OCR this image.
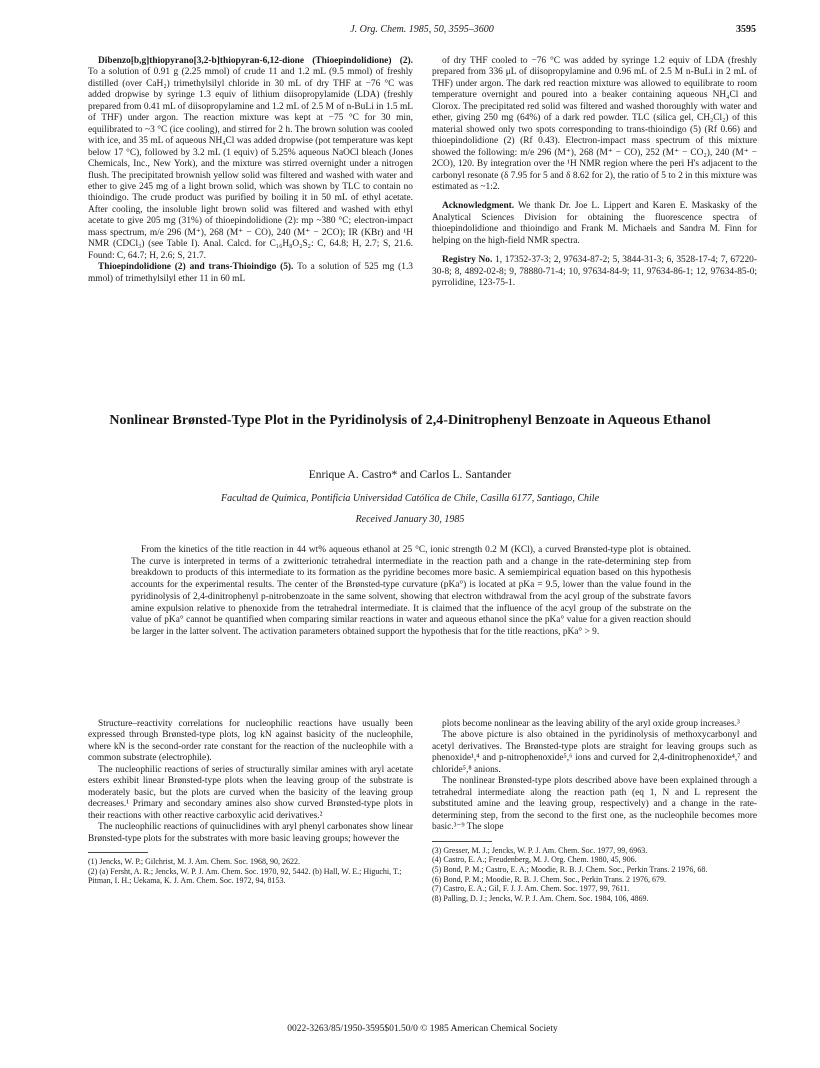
J. Org. Chem. 1985, 50, 3595–3600	3595

Dibenzo[b,g]thiopyrano[3,2-b]thiopyran-6,12-dione (Thioepindolidione) (2). To a solution of 0.91 g (2.25 mmol) of crude 11 and 1.2 mL (9.5 mmol) of freshly distilled (over CaH₂) trimethylsilyl chloride in 30 mL of dry THF at −76 °C was added dropwise by syringe 1.3 equiv of lithium diisopropylamide (LDA) (freshly prepared from 0.41 mL of diisopropylamine and 1.2 mL of 2.5 M of n-BuLi in 1.5 mL of THF) under argon. The reaction mixture was kept at −75 °C for 30 min, equilibrated to ~3 °C (ice cooling), and stirred for 2 h. The brown solution was cooled with ice, and 35 mL of aqueous NH₄Cl was added dropwise (pot temperature was kept below 17 °C), followed by 3.2 mL (1 equiv) of 5.25% aqueous NaOCl bleach (Jones Chemicals, Inc., New York), and the mixture was stirred overnight under a nitrogen flush. The precipitated brownish yellow solid was filtered and washed with water and ether to give 245 mg of a light brown solid, which was shown by TLC to contain no thioindigo. The crude product was purified by boiling it in 50 mL of ethyl acetate. After cooling, the insoluble light brown solid was filtered and washed with ethyl acetate to give 205 mg (31%) of thioepindolidione (2): mp ~380 °C; electron-impact mass spectrum, m/e 296 (M⁺), 268 (M⁺ − CO), 240 (M⁺ − 2CO); IR (KBr) and ¹H NMR (CDCl₃) (see Table I). Anal. Calcd. for C₁₆H₈O₂S₂: C, 64.8; H, 2.7; S, 21.6. Found: C, 64.7; H, 2.6; S, 21.7.

Thioepindolidione (2) and trans-Thioindigo (5). To a solution of 525 mg (1.3 mmol) of trimethylsilyl ether 11 in 60 mL

of dry THF cooled to −76 °C was added by syringe 1.2 equiv of LDA (freshly prepared from 336 μL of diisopropylamine and 0.96 mL of 2.5 M n-BuLi in 2 mL of THF) under argon. The dark red reaction mixture was allowed to equilibrate to room temperature overnight and poured into a beaker containing aqueous NH₄Cl and Clorox. The precipitated red solid was filtered and washed thoroughly with water and ether, giving 250 mg (64%) of a dark red powder. TLC (silica gel, CH₂Cl₂) of this material showed only two spots corresponding to trans-thioindigo (5) (Rf 0.66) and thioepindolidione (2) (Rf 0.43). Electron-impact mass spectrum of this mixture showed the following: m/e 296 (M⁺), 268 (M⁺ − CO), 252 (M⁺ − CO₂), 240 (M⁺ − 2CO), 120. By integration over the ¹H NMR region where the peri H's adjacent to the carbonyl resonate (δ 7.95 for 5 and δ 8.62 for 2), the ratio of 5 to 2 in this mixture was estimated as ~1:2.

Acknowledgment. We thank Dr. Joe L. Lippert and Karen E. Maskasky of the Analytical Sciences Division for obtaining the fluorescence spectra of thioepindolidione and thioindigo and Frank M. Michaels and Sandra M. Finn for helping on the high-field NMR spectra.

Registry No. 1, 17352-37-3; 2, 97634-87-2; 5, 3844-31-3; 6, 3528-17-4; 7, 67220-30-8; 8, 4892-02-8; 9, 78880-71-4; 10, 97634-84-9; 11, 97634-86-1; 12, 97634-85-0; pyrrolidine, 123-75-1.

Nonlinear Brønsted-Type Plot in the Pyridinolysis of 2,4-Dinitrophenyl Benzoate in Aqueous Ethanol
Enrique A. Castro* and Carlos L. Santander
Facultad de Química, Pontificia Universidad Católica de Chile, Casilla 6177, Santiago, Chile
Received January 30, 1985

From the kinetics of the title reaction in 44 wt% aqueous ethanol at 25 °C, ionic strength 0.2 M (KCl), a curved Brønsted-type plot is obtained. The curve is interpreted in terms of a zwitterionic tetrahedral intermediate in the reaction path and a change in the rate-determining step from breakdown to products of this intermediate to its formation as the pyridine becomes more basic. A semiempirical equation based on this hypothesis accounts for the experimental results. The center of the Brønsted-type curvature (pKa°) is located at pKa = 9.5, lower than the value found in the pyridinolysis of 2,4-dinitrophenyl p-nitrobenzoate in the same solvent, showing that electron withdrawal from the acyl group of the substrate favors amine expulsion relative to phenoxide from the tetrahedral intermediate. It is claimed that the influence of the acyl group of the substrate on the value of pKa° cannot be quantified when comparing similar reactions in water and aqueous ethanol since the pKa° value for a given reaction should be larger in the latter solvent. The activation parameters obtained support the hypothesis that for the title reactions, pKa° > 9.

Structure–reactivity correlations for nucleophilic reactions have usually been expressed through Brønsted-type plots, log kN against basicity of the nucleophile, where kN is the second-order rate constant for the reaction of the nucleophile with a common substrate (electrophile).

The nucleophilic reactions of series of structurally similar amines with aryl acetate esters exhibit linear Brønsted-type plots when the leaving group of the substrate is moderately basic, but the plots are curved when the basicity of the leaving group decreases.¹ Primary and secondary amines also show curved Brønsted-type plots in their reactions with other reactive carboxylic acid derivatives.²

The nucleophilic reactions of quinuclidines with aryl phenyl carbonates show linear Brønsted-type plots for the substrates with more basic leaving groups; however the

(1) Jencks, W. P.; Gilchrist, M. J. Am. Chem. Soc. 1968, 90, 2622.
(2) (a) Fersht, A. R.; Jencks, W. P. J. Am. Chem. Soc. 1970, 92, 5442. (b) Hall, W. E.; Higuchi, T.; Pitman, I. H.; Uekama, K. J. Am. Chem. Soc. 1972, 94, 8153.

plots become nonlinear as the leaving ability of the aryl oxide group increases.³

The above picture is also obtained in the pyridinolysis of methoxycarbonyl and acetyl derivatives. The Brønsted-type plots are straight for leaving groups such as phenoxide¹,⁴ and p-nitrophenoxide⁵,⁶ ions and curved for 2,4-dinitrophenoxide⁴,⁷ and chloride⁵,⁸ anions.

The nonlinear Brønsted-type plots described above have been explained through a tetrahedral intermediate along the reaction path (eq 1, N and L represent the substituted amine and the leaving group, respectively) and a change in the rate-determining step, from the second to the first one, as the nucleophile becomes more basic.³⁻⁹ The slope

(3) Gresser, M. J.; Jencks, W. P. J. Am. Chem. Soc. 1977, 99, 6963.
(4) Castro, E. A.; Freudenberg, M. J. Org. Chem. 1980, 45, 906.
(5) Bond, P. M.; Castro, E. A.; Moodie, R. B. J. Chem. Soc., Perkin Trans. 2 1976, 68.
(6) Bond, P. M.; Moodie, R. B. J. Chem. Soc., Perkin Trans. 2 1976, 679.
(7) Castro, E. A.; Gil, F. J. J. Am. Chem. Soc. 1977, 99, 7611.
(8) Palling, D. J.; Jencks, W. P. J. Am. Chem. Soc. 1984, 106, 4869.
0022-3263/85/1950-3595$01.50/0 © 1985 American Chemical Society
